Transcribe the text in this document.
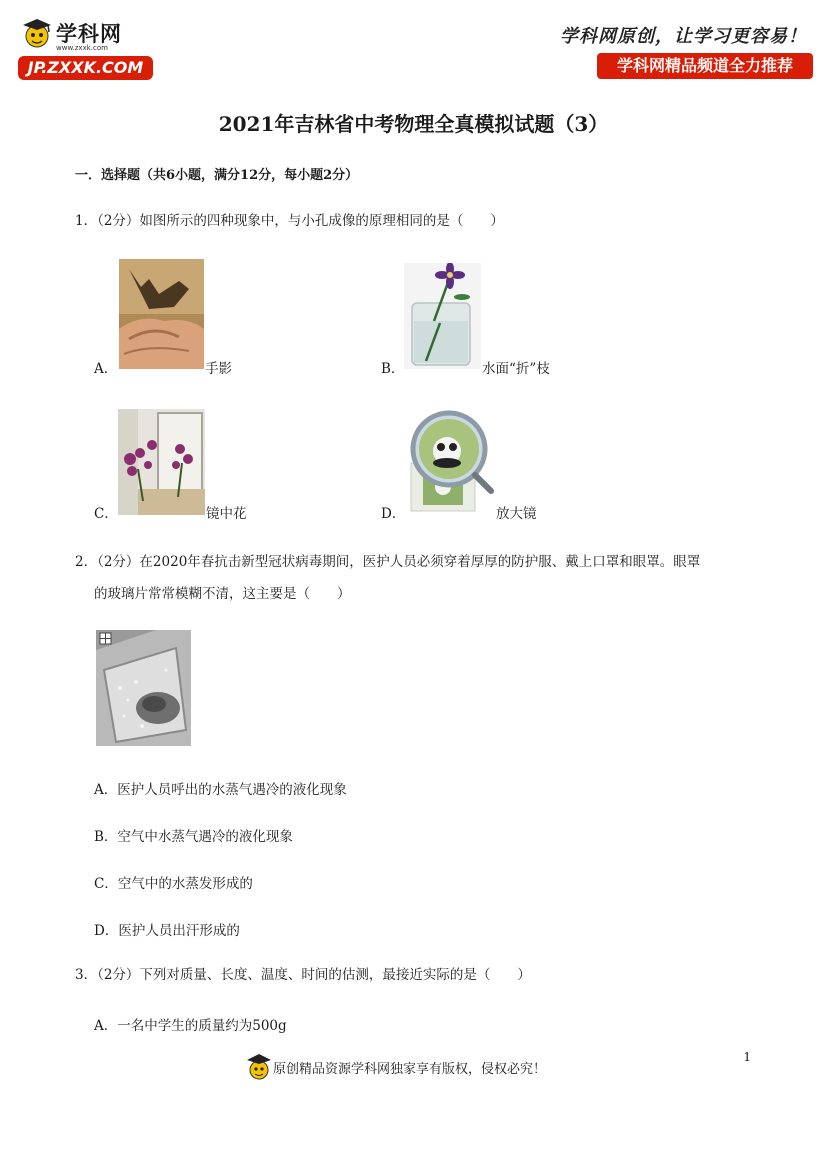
学科网
www.zxxk.com
JP.ZXXK.COM
学科网原创，让学习更容易！
学科网精品频道全力推荐
2021年吉林省中考物理全真模拟试题（3）
一．选择题（共6小题，满分12分，每小题2分）
1．（2分）如图所示的四种现象中，与小孔成像的原理相同的是（　　）
A．	手影	B．	水面“折”枝
C．	镜中花	D．	放大镜
2．（2分）在2020年春抗击新型冠状病毒期间，医护人员必须穿着厚厚的防护服、戴上口罩和眼罩。眼罩
的玻璃片常常模糊不清，这主要是（　　）
A．医护人员呼出的水蒸气遇冷的液化现象
B．空气中水蒸气遇冷的液化现象
C．空气中的水蒸发形成的
D．医护人员出汗形成的
3．（2分）下列对质量、长度、温度、时间的估测，最接近实际的是（　　）
A．一名中学生的质量约为500g
原创精品资源学科网独家享有版权，侵权必究！
1
